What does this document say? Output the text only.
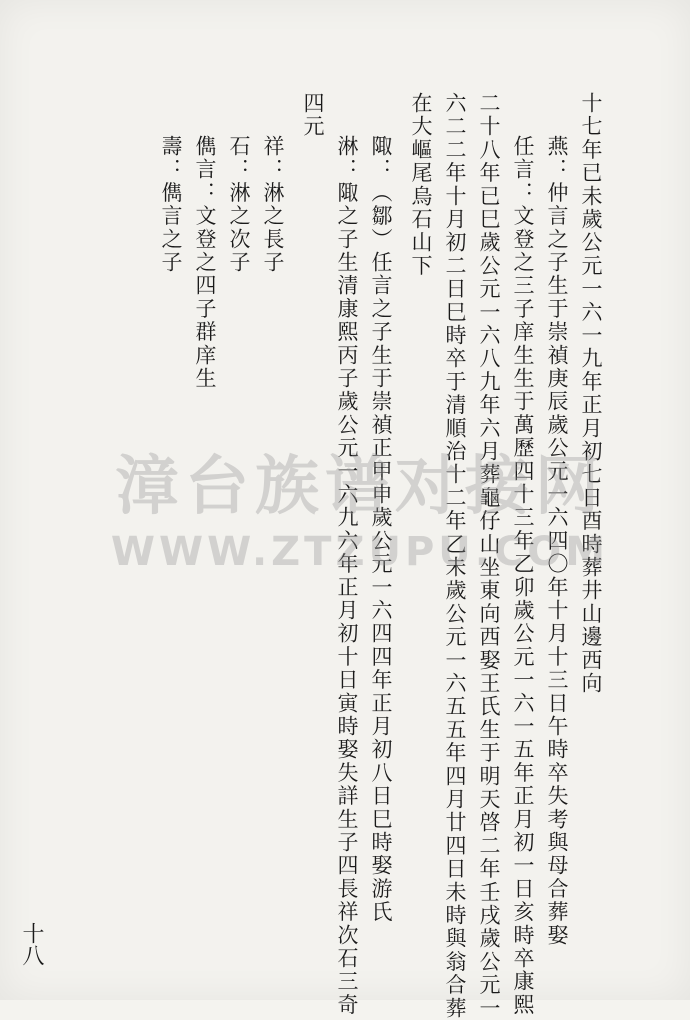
十七年已未歲公元一六一九年正月初七日酉時葬井山邊西向
燕：仲言之子生于崇禎庚辰歲公元一六四〇年十月十三日午時卒失考與母合葬娶
任言：文登之三子庠生生于萬歷四十三年乙卯歲公元一六一五年正月初一日亥時卒康熙
二十八年已巳歲公元一六八九年六月葬龜仔山坐東向西娶王氏生于明天啓二年壬戌歲公元一
六二二年十月初二日巳時卒于清順治十二年乙未歲公元一六五五年四月廿四日未時與翁合葬
在大嶇尾烏石山下
陬：（鄒）任言之子生于崇禎正甲申歲公元一六四四年正月初八日巳時娶游氏
淋：陬之子生清康熙丙子歲公元一六九六年正月初十日寅時娶失詳生子四長祥次石三奇
四元
祥：淋之長子
石：淋之次子
儁言：文登之四子群庠生
壽：儁言之子
漳台族谱对接网
WWW.ZTZUPU.COM
十八
